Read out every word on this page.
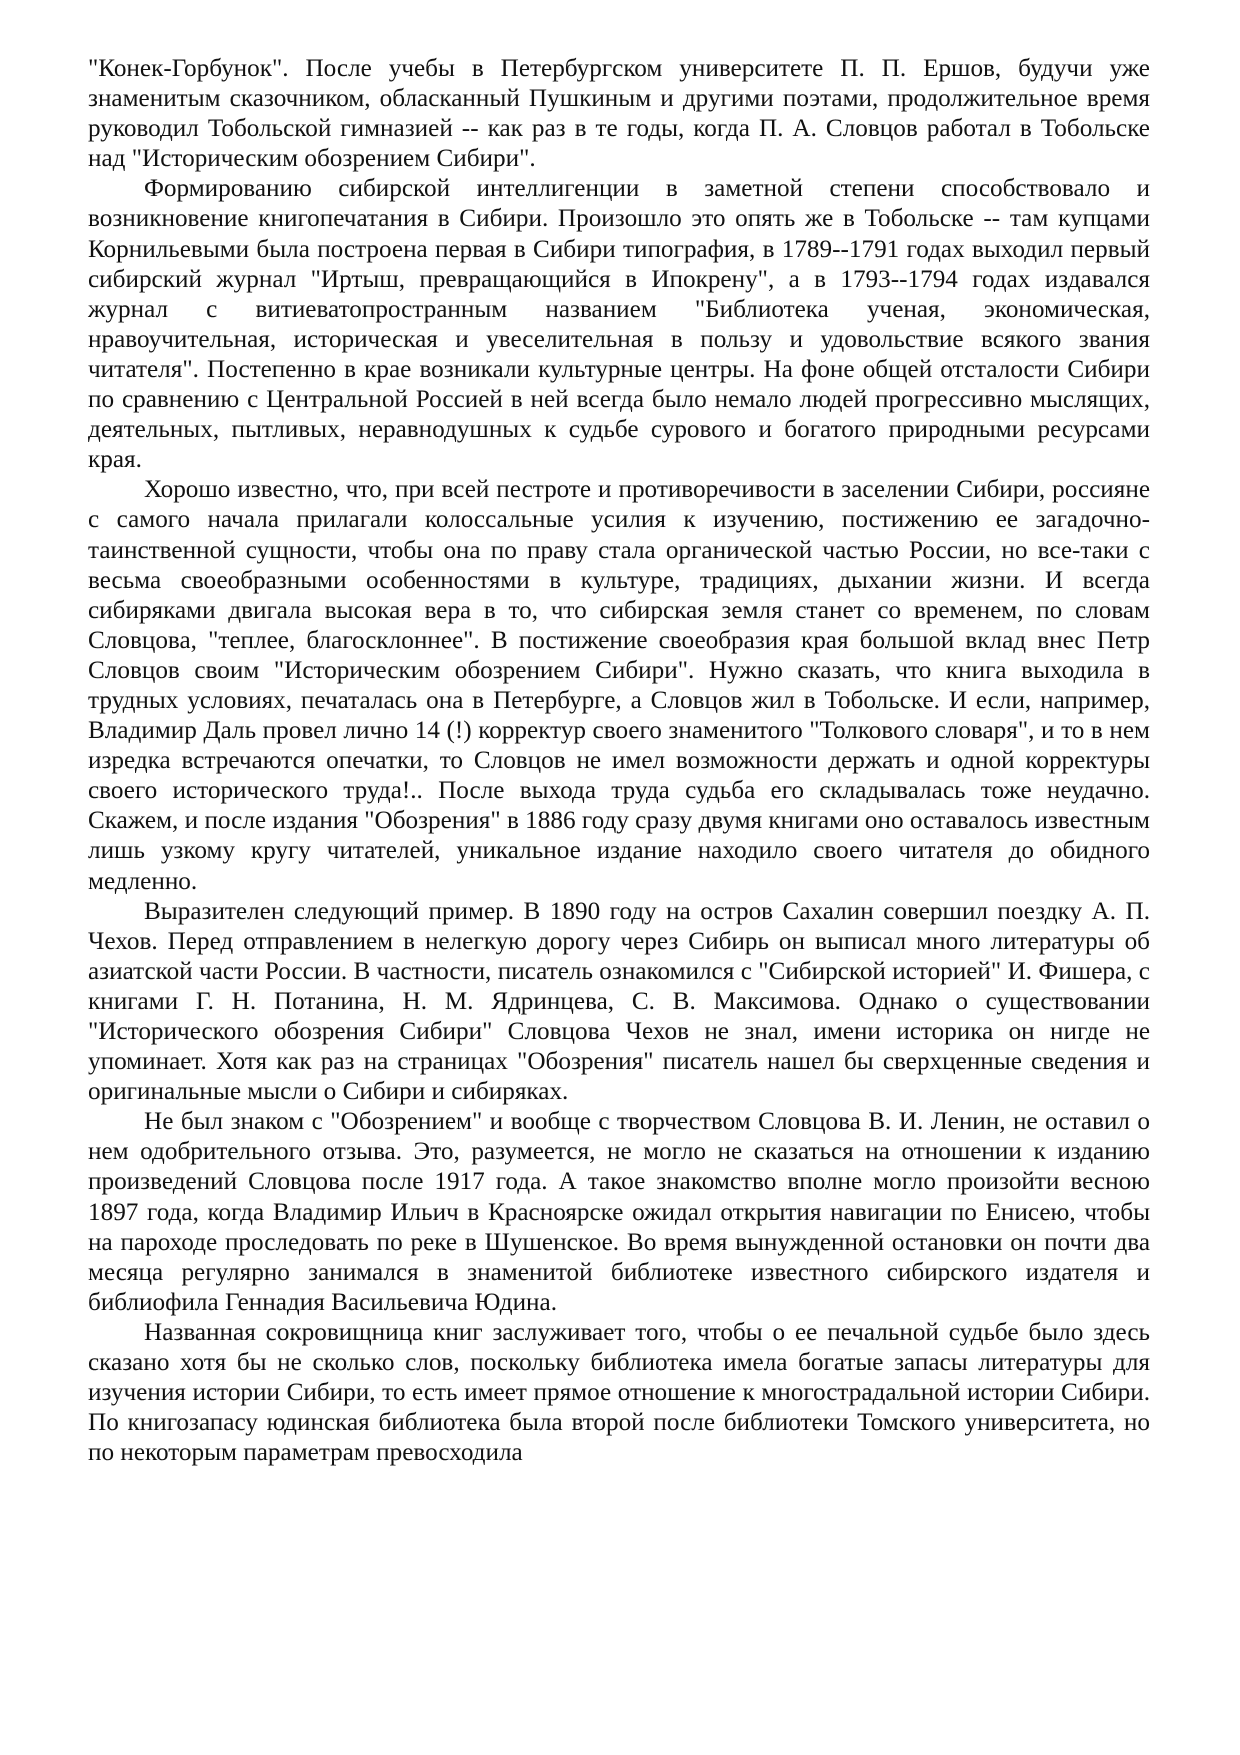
"Конек-Горбунок". После учебы в Петербургском университете П. П. Ершов, будучи уже знаменитым сказочником, обласканный Пушкиным и другими поэтами, продолжительное время руководил Тобольской гимназией -- как раз в те годы, когда П. А. Словцов работал в Тобольске над "Историческим обозрением Сибири".

Формированию сибирской интеллигенции в заметной степени способствовало и возникновение книгопечатания в Сибири. Произошло это опять же в Тобольске -- там купцами Корнильевыми была построена первая в Сибири типография, в 1789--1791 годах выходил первый сибирский журнал "Иртыш, превращающийся в Ипокрену", а в 1793--1794 годах издавался журнал с витиеватопространным названием "Библиотека ученая, экономическая, нравоучительная, историческая и увеселительная в пользу и удовольствие всякого звания читателя". Постепенно в крае возникали культурные центры. На фоне общей отсталости Сибири по сравнению с Центральной Россией в ней всегда было немало людей прогрессивно мыслящих, деятельных, пытливых, неравнодушных к судьбе сурового и богатого природными ресурсами края.

Хорошо известно, что, при всей пестроте и противоречивости в заселении Сибири, россияне с самого начала прилагали колоссальные усилия к изучению, постижению ее загадочно-таинственной сущности, чтобы она по праву стала органической частью России, но все-таки с весьма своеобразными особенностями в культуре, традициях, дыхании жизни. И всегда сибиряками двигала высокая вера в то, что сибирская земля станет со временем, по словам Словцова, "теплее, благосклоннее". В постижение своеобразия края большой вклад внес Петр Словцов своим "Историческим обозрением Сибири". Нужно сказать, что книга выходила в трудных условиях, печаталась она в Петербурге, а Словцов жил в Тобольске. И если, например, Владимир Даль провел лично 14 (!) корректур своего знаменитого "Толкового словаря", и то в нем изредка встречаются опечатки, то Словцов не имел возможности держать и одной корректуры своего исторического труда!.. После выхода труда судьба его складывалась тоже неудачно. Скажем, и после издания "Обозрения" в 1886 году сразу двумя книгами оно оставалось известным лишь узкому кругу читателей, уникальное издание находило своего читателя до обидного медленно.

Выразителен следующий пример. В 1890 году на остров Сахалин совершил поездку А. П. Чехов. Перед отправлением в нелегкую дорогу через Сибирь он выписал много литературы об азиатской части России. В частности, писатель ознакомился с "Сибирской историей" И. Фишера, с книгами Г. Н. Потанина, Н. М. Ядринцева, С. В. Максимова. Однако о существовании "Исторического обозрения Сибири" Словцова Чехов не знал, имени историка он нигде не упоминает. Хотя как раз на страницах "Обозрения" писатель нашел бы сверхценные сведения и оригинальные мысли о Сибири и сибиряках.

Не был знаком с "Обозрением" и вообще с творчеством Словцова В. И. Ленин, не оставил о нем одобрительного отзыва. Это, разумеется, не могло не сказаться на отношении к изданию произведений Словцова после 1917 года. А такое знакомство вполне могло произойти весною 1897 года, когда Владимир Ильич в Красноярске ожидал открытия навигации по Енисею, чтобы на пароходе проследовать по реке в Шушенское. Во время вынужденной остановки он почти два месяца регулярно занимался в знаменитой библиотеке известного сибирского издателя и библиофила Геннадия Васильевича Юдина.

Названная сокровищница книг заслуживает того, чтобы о ее печальной судьбе было здесь сказано хотя бы не сколько слов, поскольку библиотека имела богатые запасы литературы для изучения истории Сибири, то есть имеет прямое отношение к многострадальной истории Сибири. По книгозапасу юдинская библиотека была второй после библиотеки Томского университета, но по некоторым параметрам превосходила
